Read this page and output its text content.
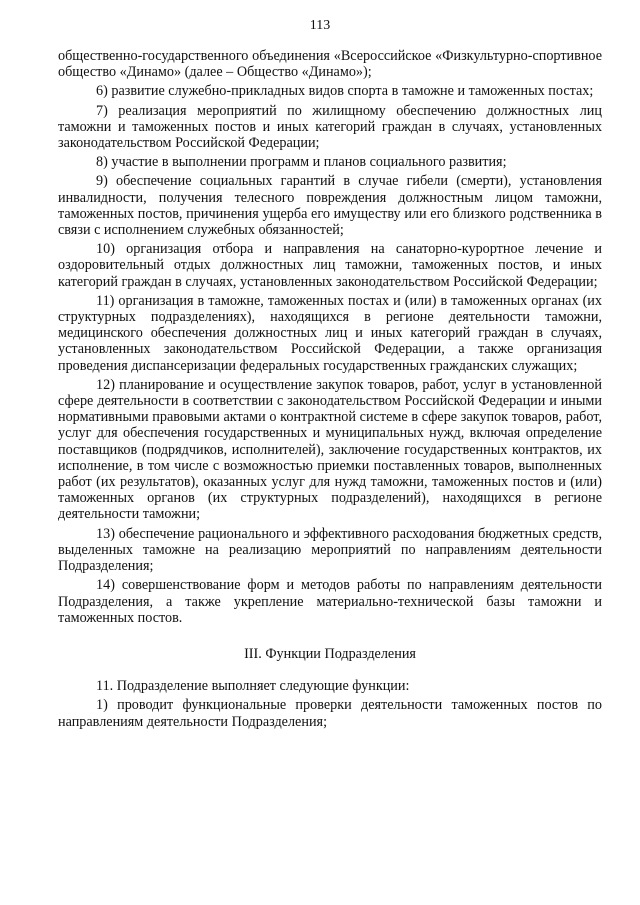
113

общественно-государственного объединения «Всероссийское «Физкультурно-спортивное общество «Динамо» (далее – Общество «Динамо»);

6) развитие служебно-прикладных видов спорта в таможне и таможенных постах;

7) реализация мероприятий по жилищному обеспечению должностных лиц таможни и таможенных постов и иных категорий граждан в случаях, установленных законодательством Российской Федерации;

8) участие в выполнении программ и планов социального развития;

9) обеспечение социальных гарантий в случае гибели (смерти), установления инвалидности, получения телесного повреждения должностным лицом таможни, таможенных постов, причинения ущерба его имуществу или его близкого родственника в связи с исполнением служебных обязанностей;

10) организация отбора и направления на санаторно-курортное лечение и оздоровительный отдых должностных лиц таможни, таможенных постов, и иных категорий граждан в случаях, установленных законодательством Российской Федерации;

11) организация в таможне, таможенных постах и (или) в таможенных органах (их структурных подразделениях), находящихся в регионе деятельности таможни, медицинского обеспечения должностных лиц и иных категорий граждан в случаях, установленных законодательством Российской Федерации, а также организация проведения диспансеризации федеральных государственных гражданских служащих;

12) планирование и осуществление закупок товаров, работ, услуг в установленной сфере деятельности в соответствии с законодательством Российской Федерации и иными нормативными правовыми актами о контрактной системе в сфере закупок товаров, работ, услуг для обеспечения государственных и муниципальных нужд, включая определение поставщиков (подрядчиков, исполнителей), заключение государственных контрактов, их исполнение, в том числе с возможностью приемки поставленных товаров, выполненных работ (их результатов), оказанных услуг для нужд таможни, таможенных постов и (или) таможенных органов (их структурных подразделений), находящихся в регионе деятельности таможни;

13) обеспечение рационального и эффективного расходования бюджетных средств, выделенных таможне на реализацию мероприятий по направлениям деятельности Подразделения;

14) совершенствование форм и методов работы по направлениям деятельности Подразделения, а также укрепление материально-технической базы таможни и таможенных постов.

III. Функции Подразделения

11. Подразделение выполняет следующие функции:

1) проводит функциональные проверки деятельности таможенных постов по направлениям деятельности Подразделения;
